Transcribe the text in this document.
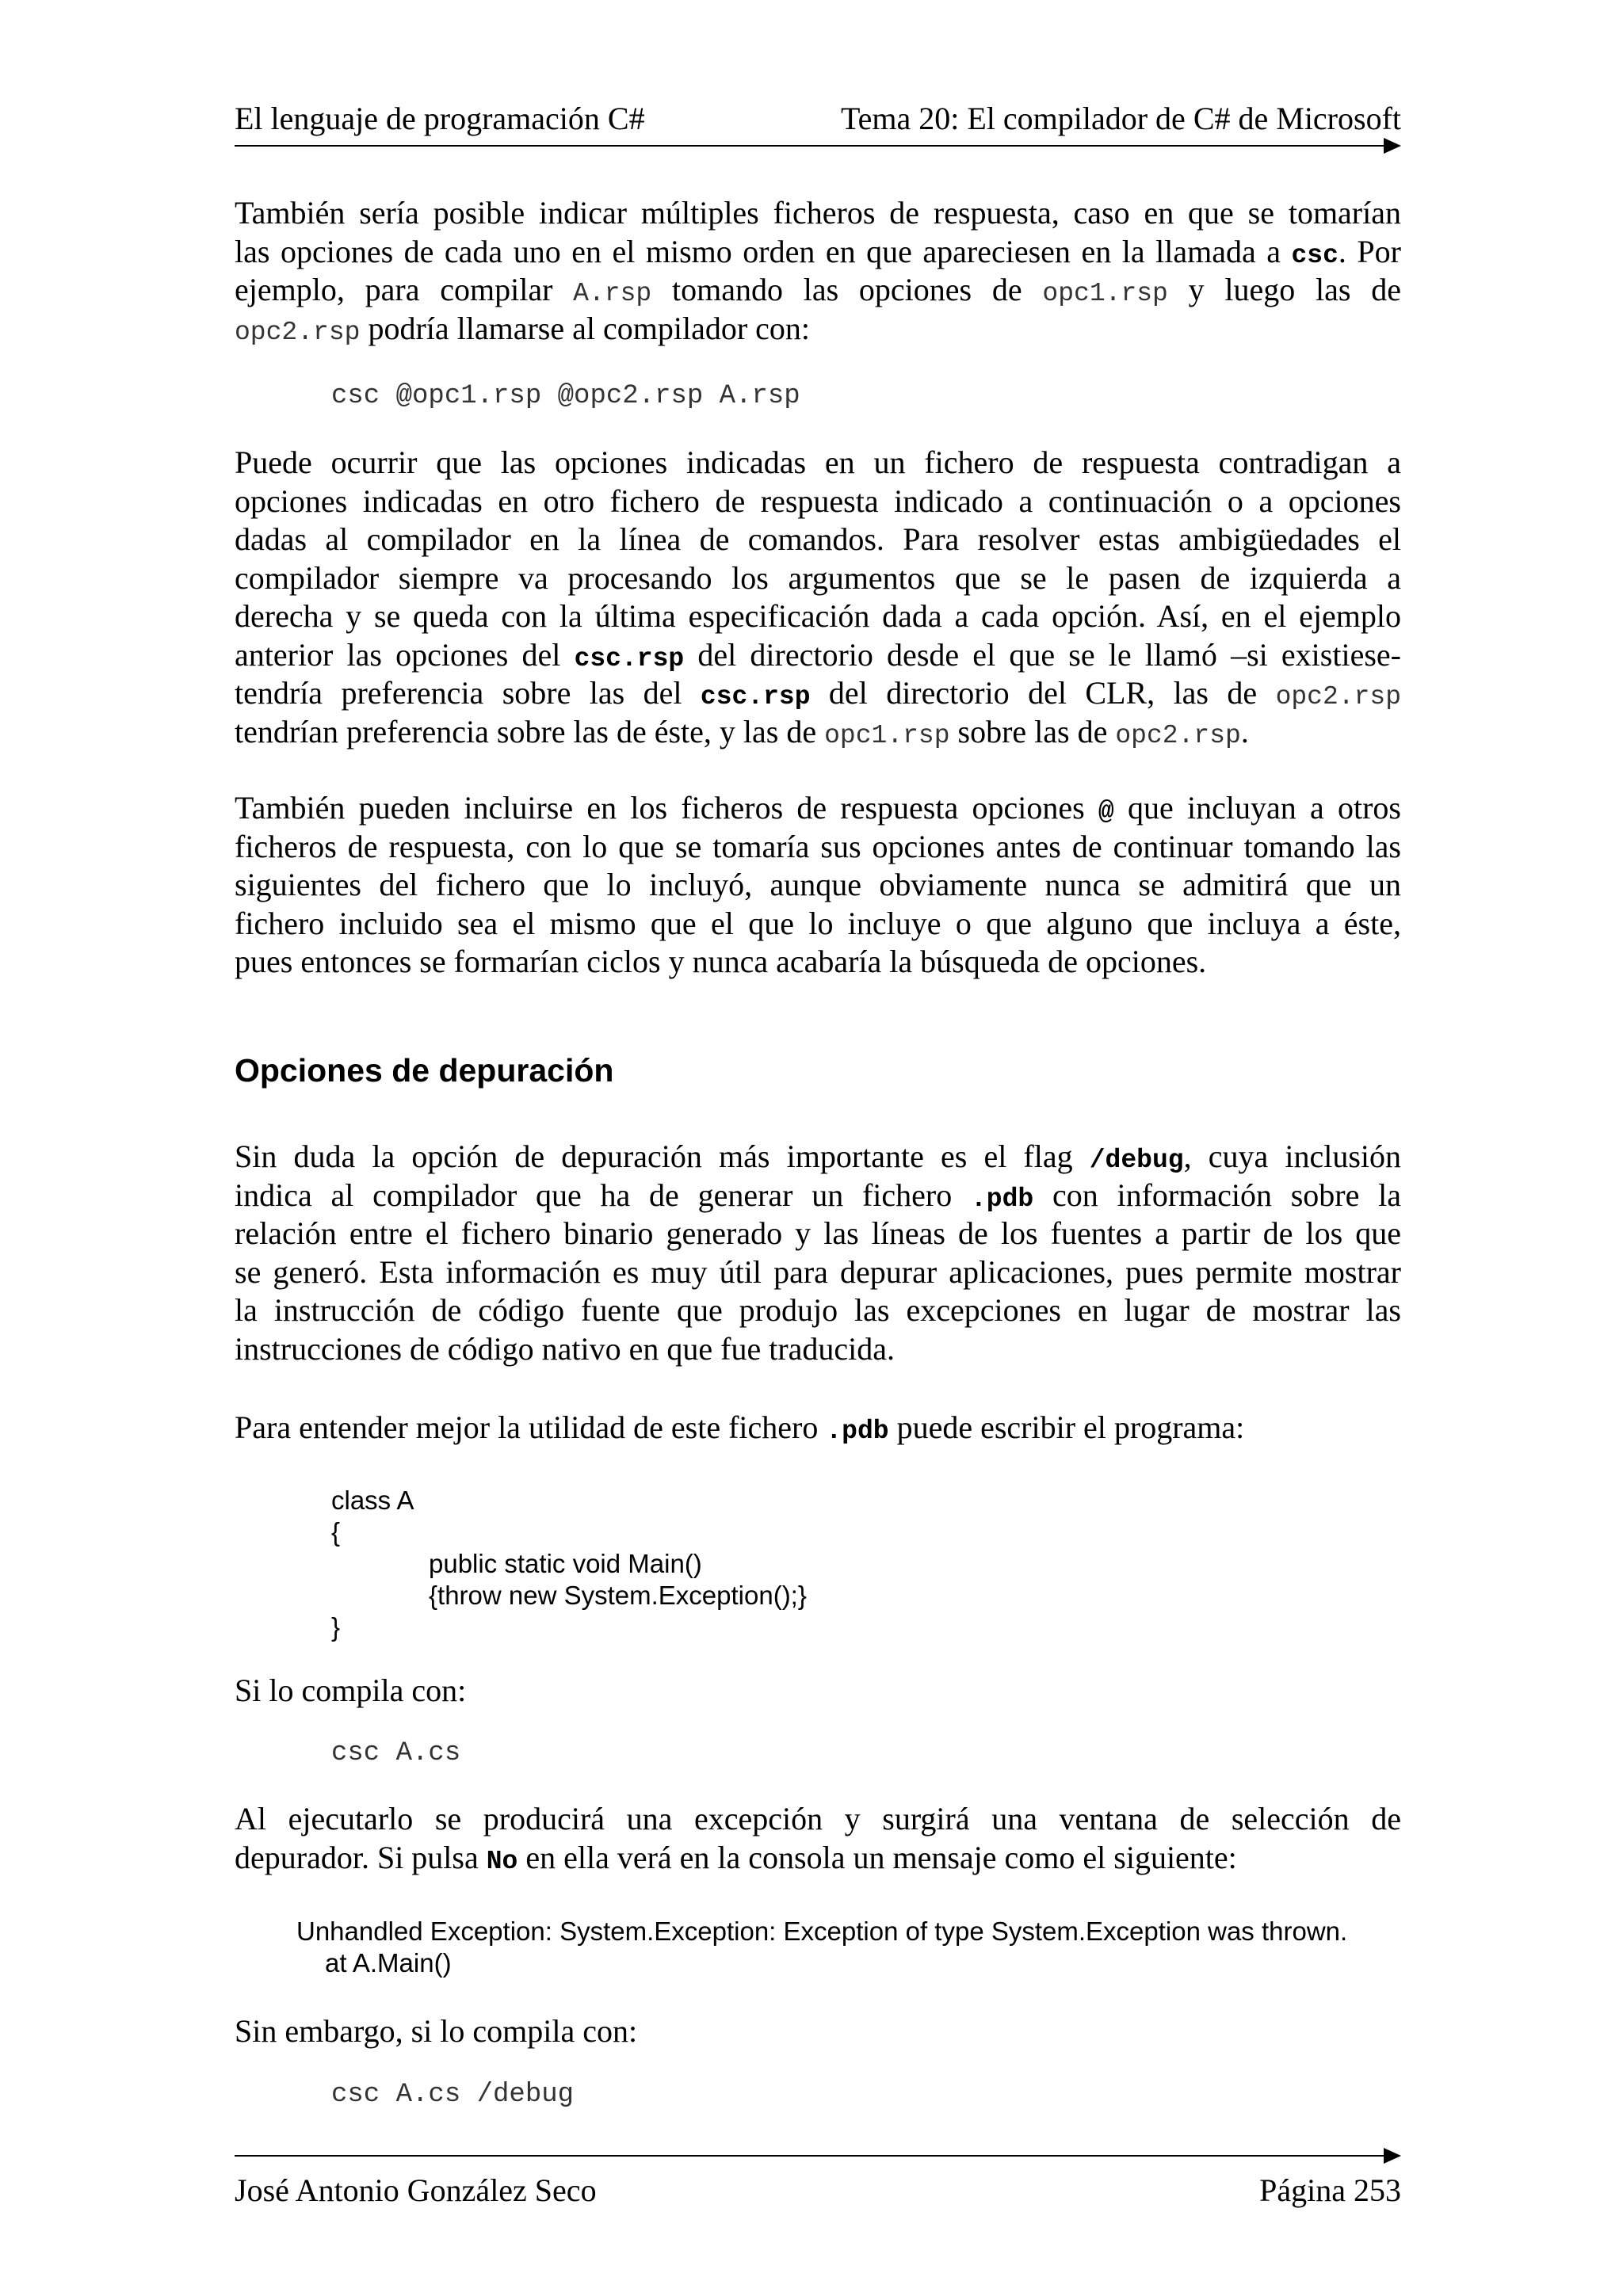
El lenguaje de programación C#	Tema 20: El compilador de C# de Microsoft
También sería posible indicar múltiples ficheros de respuesta, caso en que se tomarían
las opciones de cada uno en el mismo orden en que apareciesen en la llamada a csc. Por
ejemplo, para compilar A.rsp tomando las opciones de opc1.rsp y luego las de
opc2.rsp podría llamarse al compilador con:
csc @opc1.rsp @opc2.rsp A.rsp
Puede ocurrir que las opciones indicadas en un fichero de respuesta contradigan a
opciones indicadas en otro fichero de respuesta indicado a continuación o a opciones
dadas al compilador en la línea de comandos. Para resolver estas ambigüedades el
compilador siempre va procesando los argumentos que se le pasen de izquierda a
derecha y se queda con la última especificación dada a cada opción. Así, en el ejemplo
anterior las opciones del csc.rsp del directorio desde el que se le llamó –si existiese-
tendría preferencia sobre las del csc.rsp del directorio del CLR, las de opc2.rsp
tendrían preferencia sobre las de éste, y las de opc1.rsp sobre las de opc2.rsp.
También pueden incluirse en los ficheros de respuesta opciones @ que incluyan a otros
ficheros de respuesta, con lo que se tomaría sus opciones antes de continuar tomando las
siguientes del fichero que lo incluyó, aunque obviamente nunca se admitirá que un
fichero incluido sea el mismo que el que lo incluye o que alguno que incluya a éste,
pues entonces se formarían ciclos y nunca acabaría la búsqueda de opciones.
Opciones de depuración
Sin duda la opción de depuración más importante es el flag /debug, cuya inclusión
indica al compilador que ha de generar un fichero .pdb con información sobre la
relación entre el fichero binario generado y las líneas de los fuentes a partir de los que
se generó. Esta información es muy útil para depurar aplicaciones, pues permite mostrar
la instrucción de código fuente que produjo las excepciones en lugar de mostrar las
instrucciones de código nativo en que fue traducida.
Para entender mejor la utilidad de este fichero .pdb puede escribir el programa:
class A
{
public static void Main()
{throw new System.Exception();}
}
Si lo compila con:
csc A.cs
Al ejecutarlo se producirá una excepción y surgirá una ventana de selección de
depurador. Si pulsa No en ella verá en la consola un mensaje como el siguiente:
Unhandled Exception: System.Exception: Exception of type System.Exception was thrown.
at A.Main()
Sin embargo, si lo compila con:
csc A.cs /debug
José Antonio González Seco	Página 253
